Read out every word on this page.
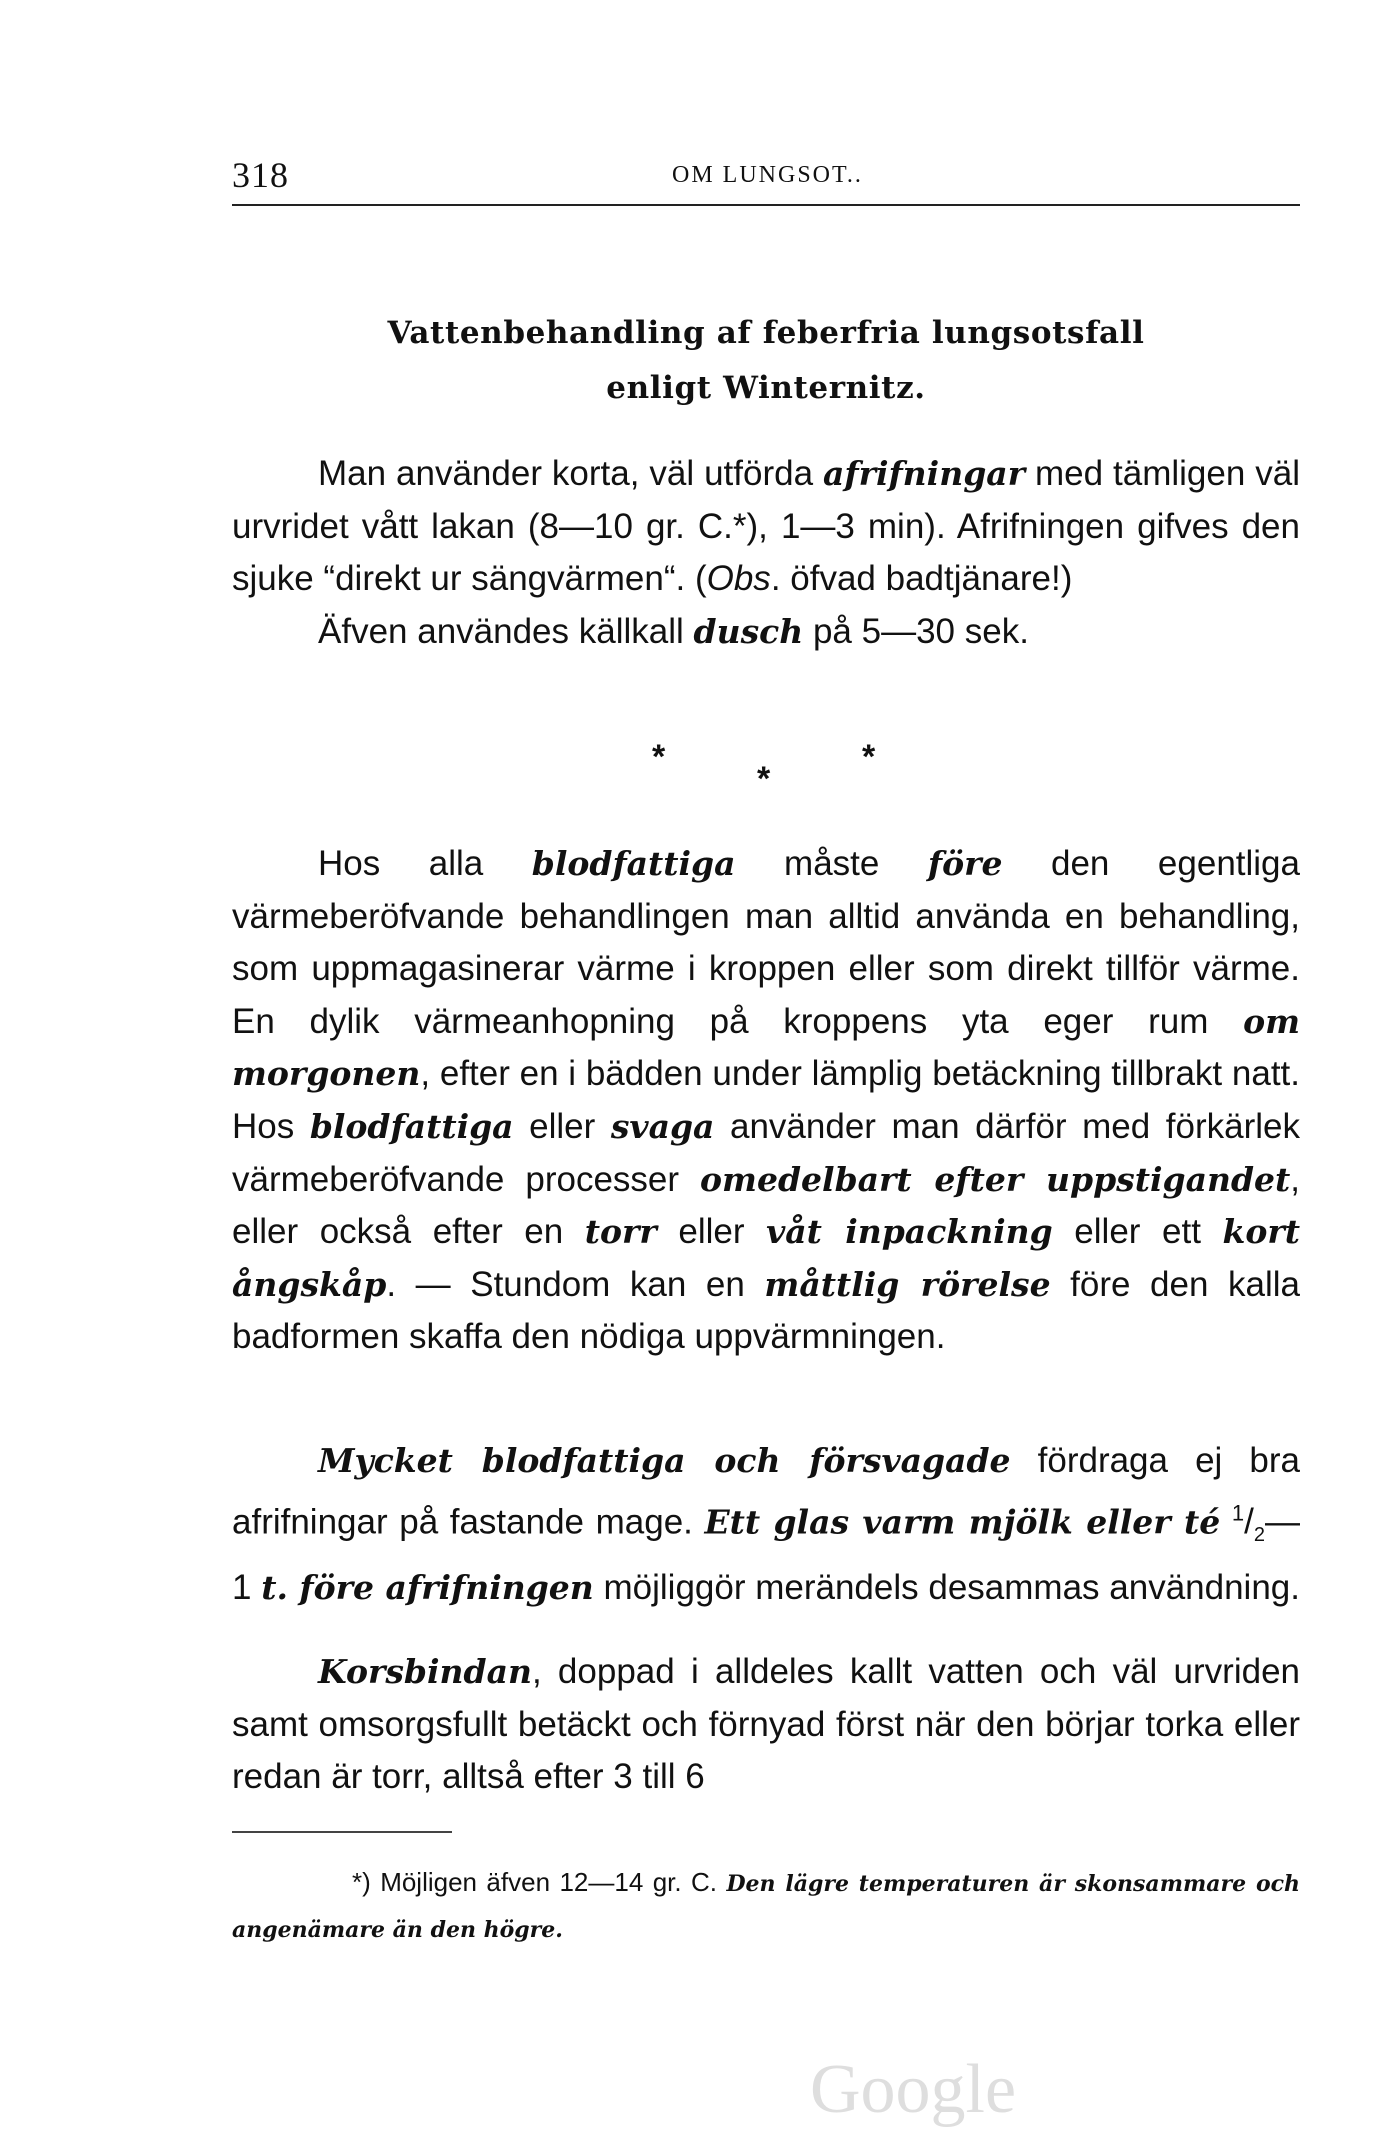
318	OM LUNGSOT..
Vattenbehandling af feberfria lungsotsfall
enligt Winternitz.

Man använder korta, väl utförda afrifningar med tämligen väl urvridet vått lakan (8—10 gr. C.*), 1—3 min). Afrifningen gifves den sjuke “direkt ur sängvärmen“. (Obs. öfvad badtjänare!)

Äfven användes källkall dusch på 5—30 sek.

*
*
*

Hos alla blodfattiga måste före den egentliga värmeberöfvande behandlingen man alltid använda en behandling, som uppmagasinerar värme i kroppen eller som direkt tillför värme. En dylik värmeanhopning på kroppens yta eger rum om morgonen, efter en i bädden under lämplig betäckning tillbrakt natt. Hos blodfattiga eller svaga använder man därför med förkärlek värmeberöfvande processer omedelbart efter uppstigandet, eller också efter en torr eller våt inpackning eller ett kort ångskåp. — Stundom kan en måttlig rörelse före den kalla badformen skaffa den nödiga uppvärmningen.

Mycket blodfattiga och försvagade fördraga ej bra afrifningar på fastande mage. Ett glas varm mjölk eller té $^1/_2—1$ t. före afrifningen möjliggör merändels desammas användning.

Korsbindan, doppad i alldeles kallt vatten och väl urvriden samt omsorgsfullt betäckt och förnyad först när den börjar torka eller redan är torr, alltså efter 3 till 6

*) Möjligen äfven 12—14 gr. C. Den lägre temperaturen är skonsammare och angenämare än den högre.
Google
